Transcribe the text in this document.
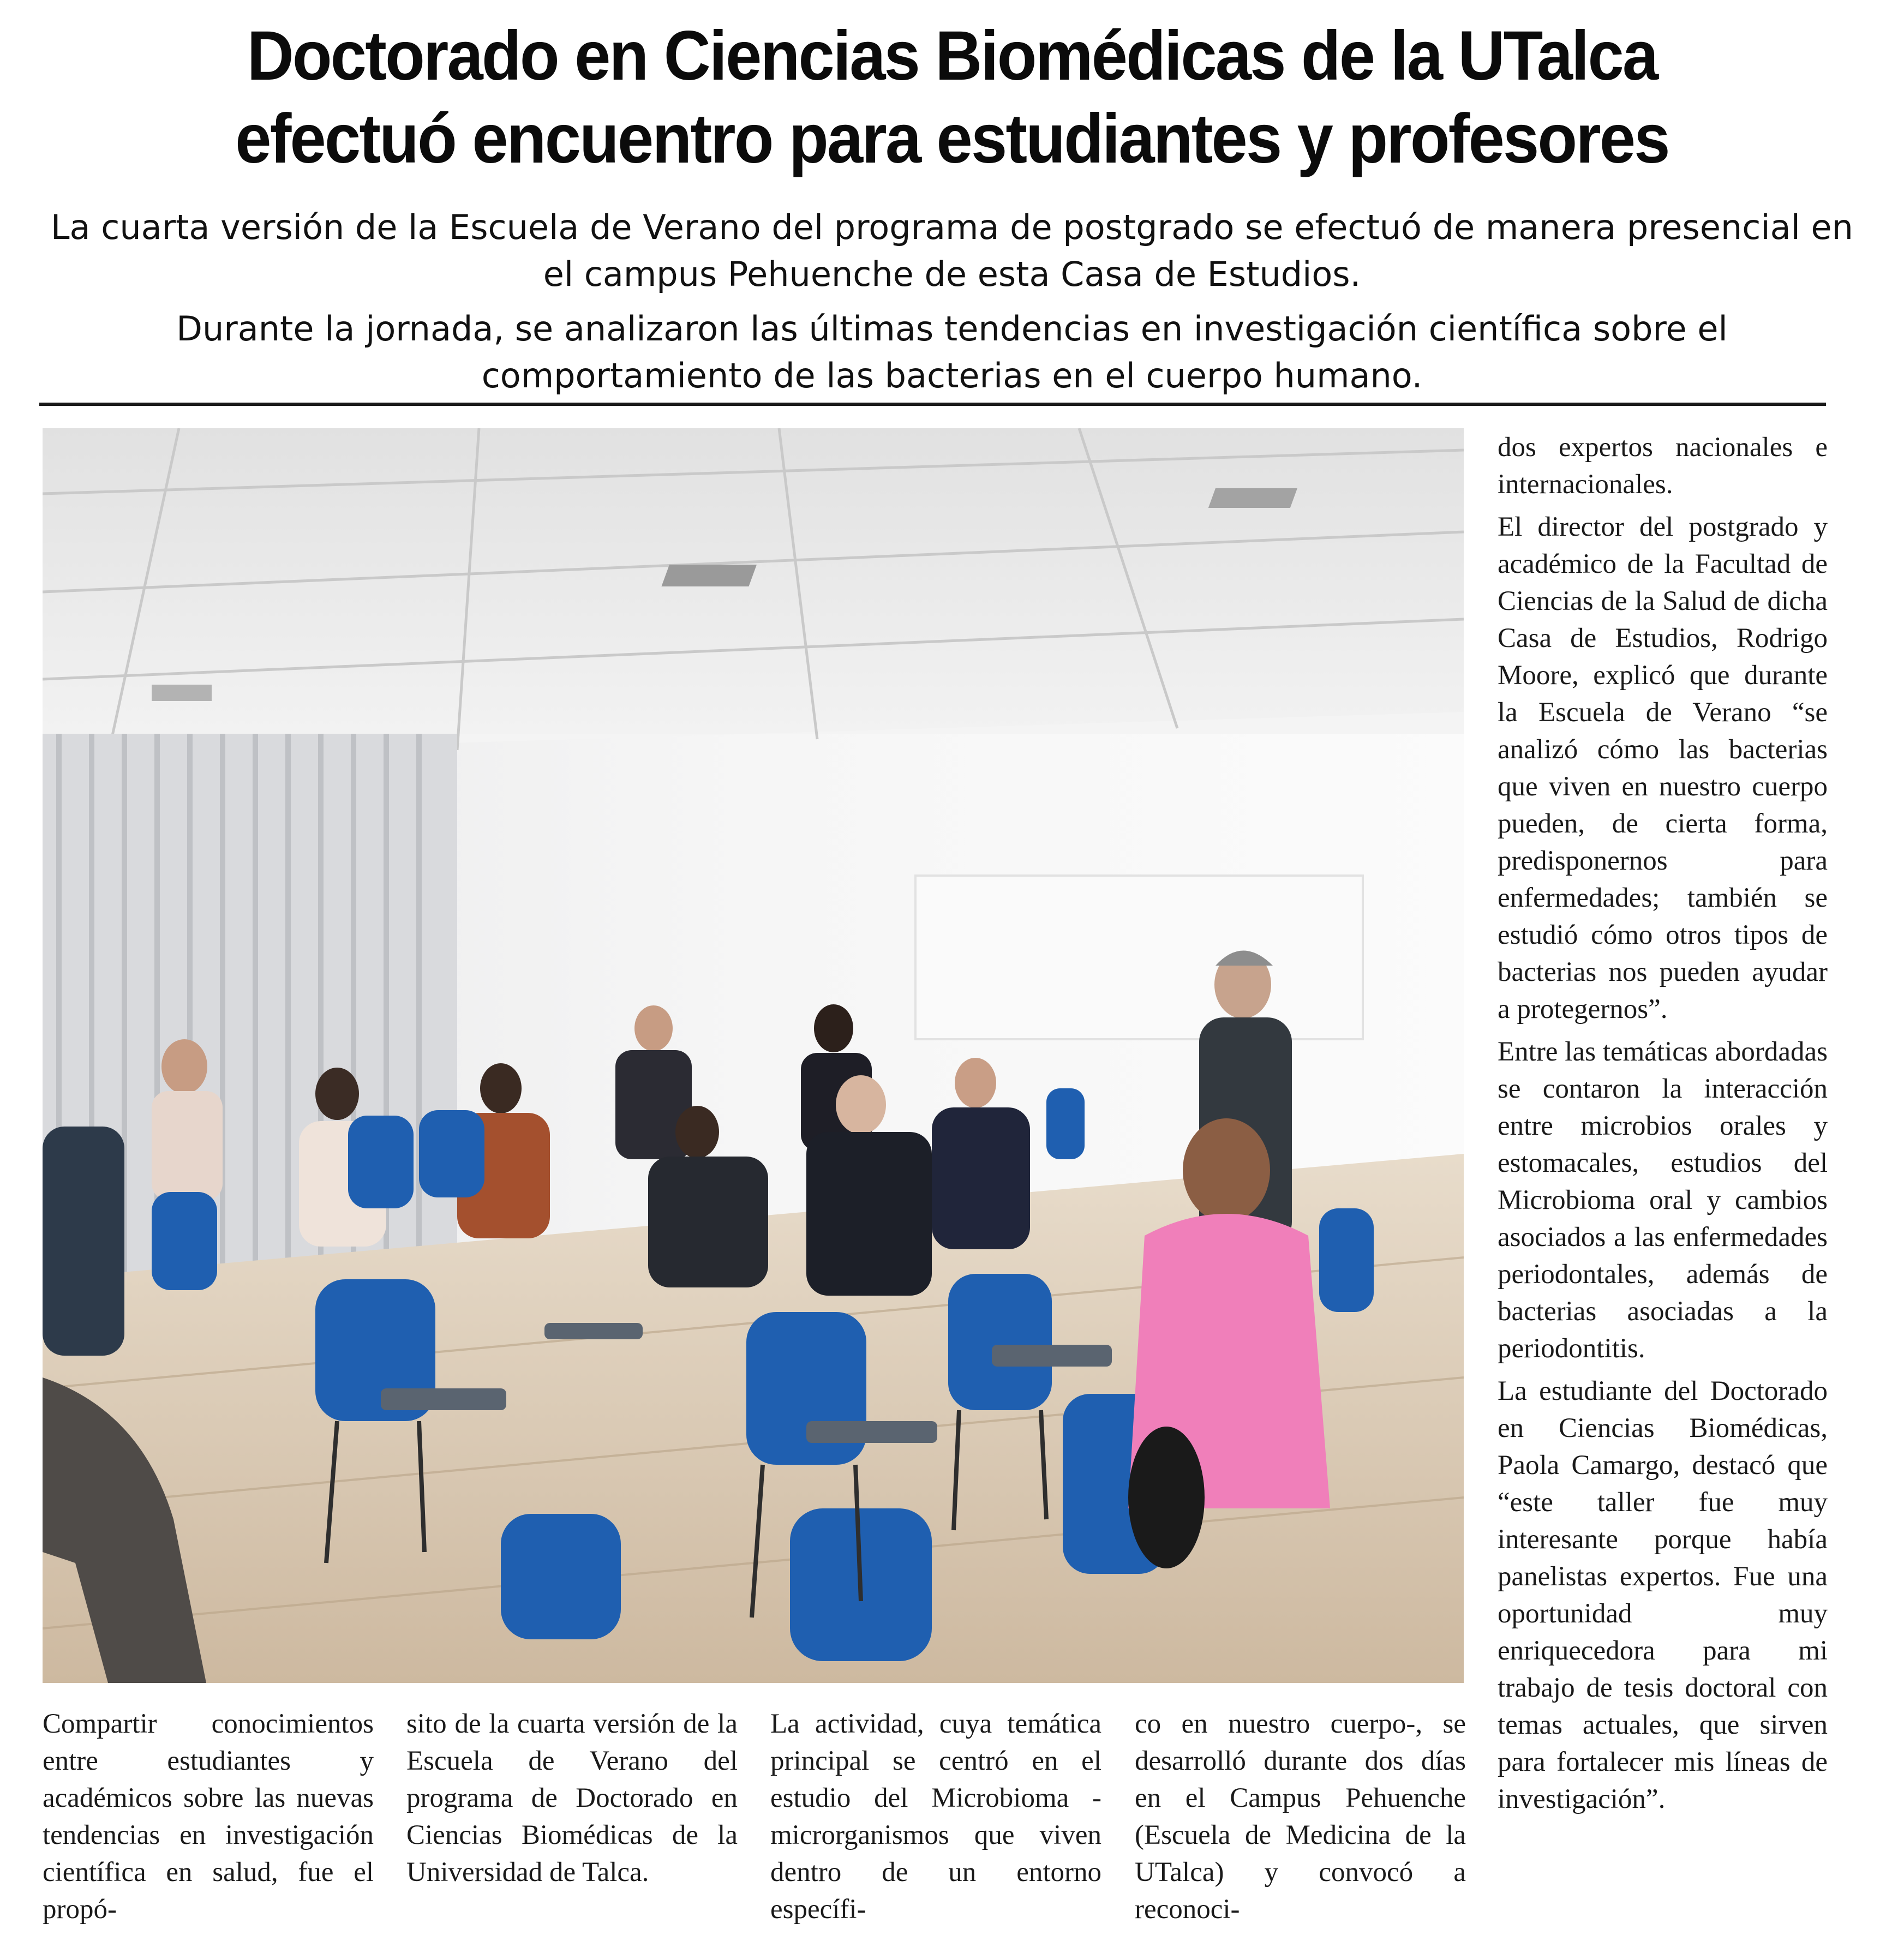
Doctorado en Ciencias Biomédicas de la UTalca
efectuó encuentro para estudiantes y profesores
La cuarta versión de la Escuela de Verano del programa de postgrado se efectuó de manera presencial en el campus Pehuenche de esta Casa de Estudios.
Durante la jornada, se analizaron las últimas tendencias en investigación científica sobre el comportamiento de las bacterias en el cuerpo humano.

dos expertos nacionales e internacionales.

El director del postgrado y académico de la Facultad de Ciencias de la Salud de dicha Casa de Estudios, Rodrigo Moore, explicó que durante la Escuela de Verano “se analizó cómo las bacterias que viven en nuestro cuerpo pueden, de cierta forma, predisponernos para enfermedades; también se estudió cómo otros tipos de bacterias nos pueden ayudar a protegernos”.

Entre las temáticas abordadas se contaron la interacción entre microbios orales y estomacales, estudios del Microbioma oral y cambios asociados a las enfermedades periodontales, además de bacterias asociadas a la periodontitis.

La estudiante del Doctorado en Ciencias Biomédicas, Paola Camargo, destacó que “este taller fue muy interesante porque había panelistas expertos. Fue una oportunidad muy enriquecedora para mi trabajo de tesis doctoral con temas actuales, que sirven para fortalecer mis líneas de investigación”.

Compartir conocimientos entre estudiantes y académicos sobre las nuevas tendencias en investigación científica en salud, fue el propó-

sito de la cuarta versión de la Escuela de Verano del programa de Doctorado en Ciencias Biomédicas de la Universidad de Talca.

La actividad, cuya temática principal se centró en el estudio del Microbioma -microrganismos que viven dentro de un entorno específi-

co en nuestro cuerpo-, se desarrolló durante dos días en el Campus Pehuenche (Escuela de Medicina de la UTalca) y convocó a reconoci-
